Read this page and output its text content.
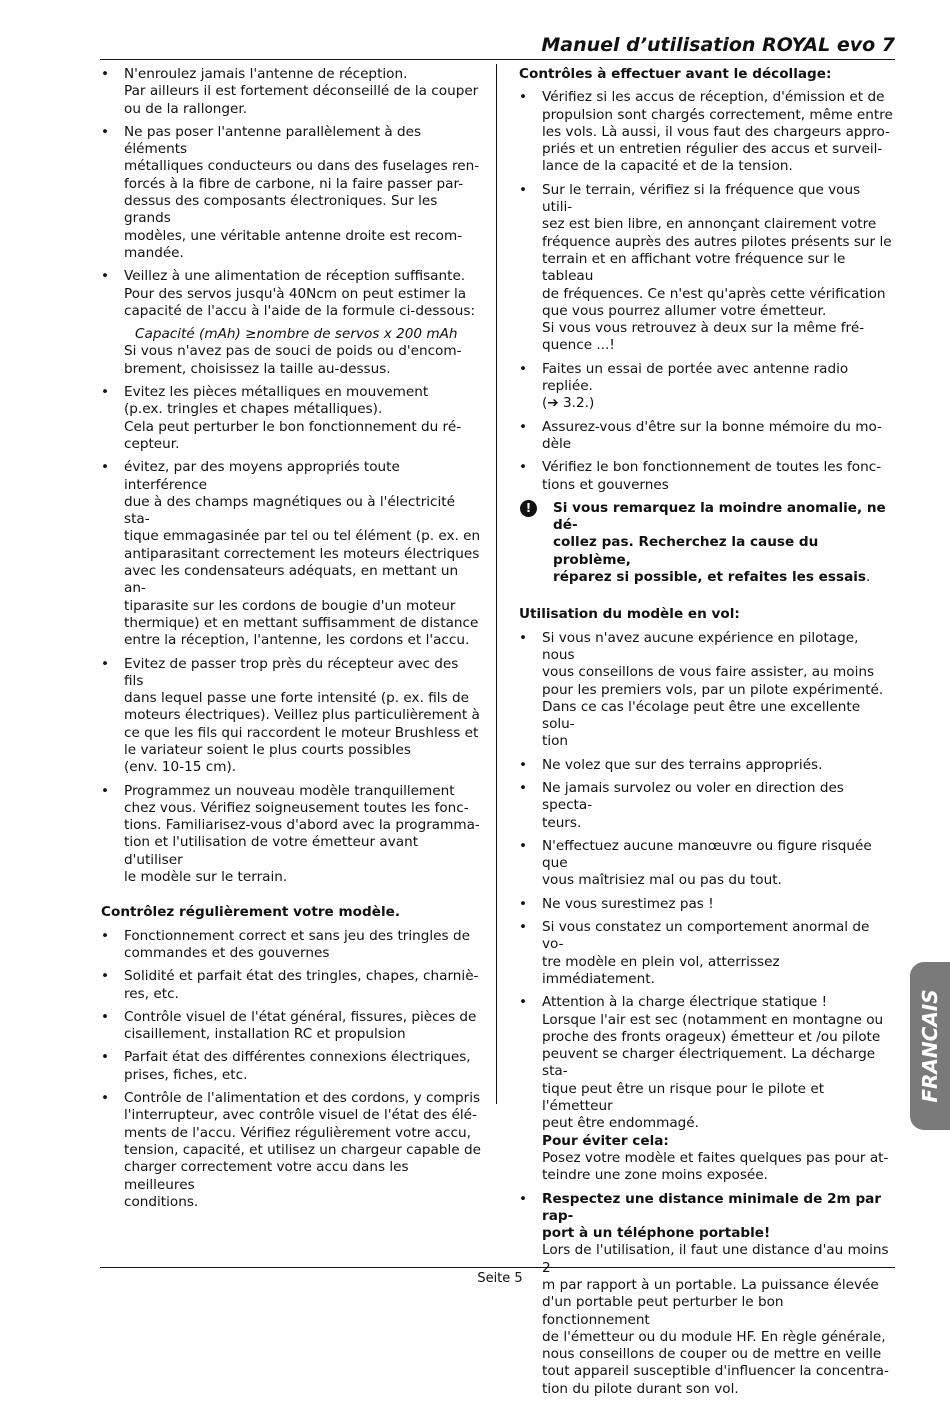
Manuel d’utilisation ROYAL evo 7
• N'enroulez jamais l'antenne de réception.
Par ailleurs il est fortement déconseillé de la couper
ou de la rallonger.
• Ne pas poser l'antenne parallèlement à des éléments
métalliques conducteurs ou dans des fuselages ren-
forcés à la fibre de carbone, ni la faire passer par-
dessus des composants électroniques. Sur les grands
modèles, une véritable antenne droite est recom-
mandée.
• Veillez à une alimentation de réception suffisante.
Pour des servos jusqu'à 40Ncm on peut estimer la
capacité de l'accu à l'aide de la formule ci-dessous:
Capacité (mAh) ≥nombre de servos x 200 mAh
Si vous n'avez pas de souci de poids ou d'encom-
brement, choisissez la taille au-dessus.
• Evitez les pièces métalliques en mouvement
(p.ex. tringles et chapes métalliques).
Cela peut perturber le bon fonctionnement du ré-
cepteur.
• évitez, par des moyens appropriés toute interférence
due à des champs magnétiques ou à l'électricité sta-
tique emmagasinée par tel ou tel élément (p. ex. en
antiparasitant correctement les moteurs électriques
avec les condensateurs adéquats, en mettant un an-
tiparasite sur les cordons de bougie d'un moteur
thermique) et en mettant suffisamment de distance
entre la réception, l'antenne, les cordons et l'accu.
• Evitez de passer trop près du récepteur avec des fils
dans lequel passe une forte intensité (p. ex. fils de
moteurs électriques). Veillez plus particulièrement à
ce que les fils qui raccordent le moteur Brushless et
le variateur soient le plus courts possibles
(env. 10-15 cm).
• Programmez un nouveau modèle tranquillement
chez vous. Vérifiez soigneusement toutes les fonc-
tions. Familiarisez-vous d'abord avec la programma-
tion et l'utilisation de votre émetteur avant d'utiliser
le modèle sur le terrain.
Contrôlez régulièrement votre modèle.
• Fonctionnement correct et sans jeu des tringles de
commandes et des gouvernes
• Solidité et parfait état des tringles, chapes, charniè-
res, etc.
• Contrôle visuel de l'état général, fissures, pièces de
cisaillement, installation RC et propulsion
• Parfait état des différentes connexions électriques,
prises, fiches, etc.
• Contrôle de l'alimentation et des cordons, y compris
l'interrupteur, avec contrôle visuel de l'état des élé-
ments de l'accu. Vérifiez régulièrement votre accu,
tension, capacité, et utilisez un chargeur capable de
charger correctement votre accu dans les meilleures
conditions.
Contrôles à effectuer avant le décollage:
• Vérifiez si les accus de réception, d'émission et de
propulsion sont chargés correctement, même entre
les vols. Là aussi, il vous faut des chargeurs appro-
priés et un entretien régulier des accus et surveil-
lance de la capacité et de la tension.
• Sur le terrain, vérifiez si la fréquence que vous utili-
sez est bien libre, en annonçant clairement votre
fréquence auprès des autres pilotes présents sur le
terrain et en affichant votre fréquence sur le tableau
de fréquences. Ce n'est qu'après cette vérification
que vous pourrez allumer votre émetteur.
Si vous vous retrouvez à deux sur la même fré-
quence ...!
• Faites un essai de portée avec antenne radio repliée.
(➔ 3.2.)
• Assurez-vous d'être sur la bonne mémoire du mo-
dèle
• Vérifiez le bon fonctionnement de toutes les fonc-
tions et gouvernes
!	Si vous remarquez la moindre anomalie, ne dé-
collez pas. Recherchez la cause du problème,
réparez si possible, et refaites les essais.
Utilisation du modèle en vol:
• Si vous n'avez aucune expérience en pilotage, nous
vous conseillons de vous faire assister, au moins
pour les premiers vols, par un pilote expérimenté.
Dans ce cas l'écolage peut être une excellente solu-
tion
• Ne volez que sur des terrains appropriés.
• Ne jamais survolez ou voler en direction des specta-
teurs.
• N'effectuez aucune manœuvre ou figure risquée que
vous maîtrisiez mal ou pas du tout.
• Ne vous surestimez pas !
• Si vous constatez un comportement anormal de vo-
tre modèle en plein vol, atterrissez immédiatement.
• Attention à la charge électrique statique !
Lorsque l'air est sec (notamment en montagne ou
proche des fronts orageux) émetteur et /ou pilote
peuvent se charger électriquement. La décharge sta-
tique peut être un risque pour le pilote et l'émetteur
peut être endommagé.
Pour éviter cela:
Posez votre modèle et faites quelques pas pour at-
teindre une zone moins exposée.
• Respectez une distance minimale de 2m par rap-
port à un téléphone portable!
Lors de l'utilisation, il faut une distance d'au moins 2
m par rapport à un portable. La puissance élevée
d'un portable peut perturber le bon fonctionnement
de l'émetteur ou du module HF. En règle générale,
nous conseillons de couper ou de mettre en veille
tout appareil susceptible d'influencer la concentra-
tion du pilote durant son vol.
FRANCAIS
Seite 5
